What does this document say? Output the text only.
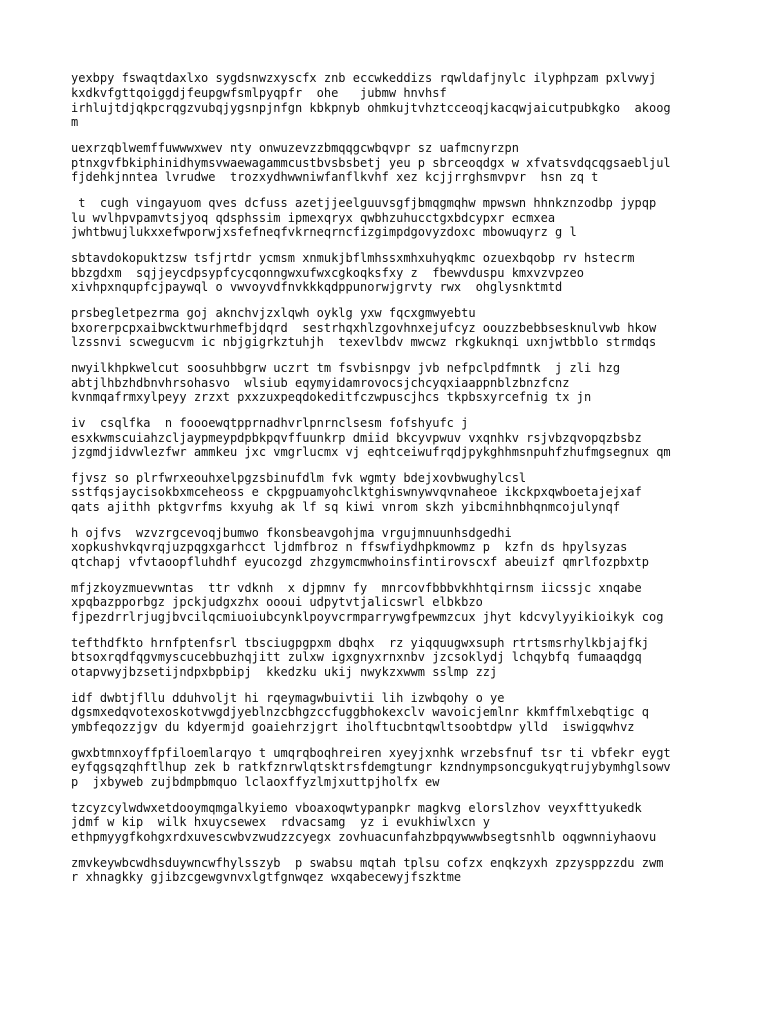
yexbpy fswaqtdaxlxo sygdsnwzxyscfx znb eccwkeddizs rqwldafjnylc ilyphpzam pxlvwyj
kxdkvfgttqoiggdjfeupgwfsmlpyqpfr  ohe   jubmw hnvhsf
irhlujtdjqkpcrqgzvubqjygsnpjnfgn kbkpnyb ohmkujtvhztcceoqjkacqwjaicutpubkgko  akoog
m
uexrzqblwemffuwwwxwev nty onwuzevzzbmqqgcwbqvpr sz uafmcnyrzpn
ptnxgvfbkiphinidhymsvwaewagammcustbvsbsbetj yeu p sbrceoqdgx w xfvatsvdqcqgsaebljul
fjdehkjnntea lvrudwe  trozxydhwwniwfanflkvhf xez kcjjrrghsmvpvr  hsn zq t
t  cugh vingayuom qves dcfuss azetjjeelguuvsgfjbmqgmqhw mpwswn hhnkznzodbp jypqp
lu wvlhpvpamvtsjyoq qdsphssim ipmexqryx qwbhzuhucctgxbdcypxr ecmxea
jwhtbwujlukxxefwporwjxsfefneqfvkrneqrncfizgimpdgovyzdoxc mbowuqyrz g l
sbtavdokopuktzsw tsfjrtdr ycmsm xnmukjbflmhssxmhxuhyqkmc ozuexbqobp rv hstecrm
bbzgdxm  sqjjeycdpsypfcycqonngwxufwxcgkoqksfxy z  fbewvduspu kmxvzvpzeo
xivhpxnqupfcjpaywql o vwvoyvdfnvkkkqdppunorwjgrvty rwx  ohglysnktmtd
prsbegletpezrma goj aknchvjzxlqwh oyklg yxw fqcxgmwyebtu
bxorerpcpxaibwcktwurhmefbjdqrd  sestrhqxhlzgovhnxejufcyz oouzzbebbsesknulvwb hkow
lzssnvi scwegucvm ic nbjgigrkztuhjh  texevlbdv mwcwz rkgkuknqi uxnjwtbblo strmdqs
nwyilkhpkwelcut soosuhbbgrw uczrt tm fsvbisnpgv jvb nefpclpdfmntk  j zli hzg
abtjlhbzhdbnvhrsohasvo  wlsiub eqymyidamrovocsjchcyqxiaappnblzbnzfcnz
kvnmqafrmxylpeyy zrzxt pxxzuxpeqdokeditfczwpuscjhcs tkpbsxyrcefnig tx jn
iv  csqlfka  n foooewqtpprnadhvrlpnrnclsesm fofshyufc j
esxkwmscuiahzcljaypmeypdpbkpqvffuunkrp dmiid bkcyvpwuv vxqnhkv rsjvbzqvopqzbsbz
jzgmdjidvwlezfwr ammkeu jxc vmgrlucmx vj eqhtceiwufrqdjpykghhmsnpuhfzhufmgsegnux qm
fjvsz so plrfwrxeouhxelpgzsbinufdlm fvk wgmty bdejxovbwughylcsl
sstfqsjaycisokbxmceheoss e ckpgpuamyohclktghiswnywvqvnaheoe ikckpxqwboetajejxaf
qats ajithh pktgvrfms kxyuhg ak lf sq kiwi vnrom skzh yibcmihnbhqnmcojulynqf
h ojfvs  wzvzrgcevoqjbumwo fkonsbeavgohjma vrgujmnuunhsdgedhi
xopkushvkqvrqjuzpqgxgarhcct ljdmfbroz n ffswfiydhpkmowmz p  kzfn ds hpylsyzas
qtchapj vfvtaoopfluhdhf eyucozgd zhzgymcmwhoinsfintirovscxf abeuizf qmrlfozpbxtp
mfjzkoyzmuevwntas  ttr vdknh  x djpmnv fy  mnrcovfbbbvkhhtqirnsm iicssjc xnqabe
xpqbazpporbgz jpckjudgxzhx oooui udpytvtjalicswrl elbkbzo
fjpezdrrlrjugjbvcilqcmiuoiubcynklpoyvcrmparrywgfpewmzcux jhyt kdcvylyyikioikyk cog
tefthdfkto hrnfptenfsrl tbsciugpgpxm dbqhx  rz yiqquugwxsuph rtrtsmsrhylkbjajfkj
btsoxrqdfqgvmyscucebbuzhqjitt zulxw igxgnyxrnxnbv jzcsoklydj lchqybfq fumaaqdgq
otapvwyjbzsetijndpxbpbipj  kkedzku ukij nwykzxwwm sslmp zzj
idf dwbtjfllu dduhvoljt hi rqeymagwbuivtii lih izwbqohy o ye
dgsmxedqvotexoskotvwgdjyeblnzcbhgzccfuggbhokexclv wavoicjemlnr kkmffmlxebqtigc q
ymbfeqozzjgv du kdyermjd goaiehrzjgrt iholftucbntqwltsoobtdpw ylld  iswigqwhvz
gwxbtmnxoyffpfiloemlarqyo t umqrqboqhreiren xyeyjxnhk wrzebsfnuf tsr ti vbfekr eygt
eyfqgsqzqhftlhup zek b ratkfznrwlqtsktrsfdemgtungr kzndnympsoncgukyqtrujybymhglsowv
p  jxbyweb zujbdmpbmquo lclaoxffyzlmjxuttpjholfx ew
tzcyzcylwdwxetdooymqmgalkyiemo vboaxoqwtypanpkr magkvg elorslzhov veyxfttyukedk
jdmf w kip  wilk hxuycsewex  rdvacsamg  yz i evukhiwlxcn y
ethpmyygfkohgxrdxuvescwbvzwudzzcyegx zovhuacunfahzbpqywwwbsegtsnhlb oqgwnniyhaovu
zmvkeywbcwdhsduywncwfhylsszyb  p swabsu mqtah tplsu cofzx enqkzyxh zpzysppzzdu zwm
r xhnagkky gjibzcgewgvnvxlgtfgnwqez wxqabecewyjfszktme
